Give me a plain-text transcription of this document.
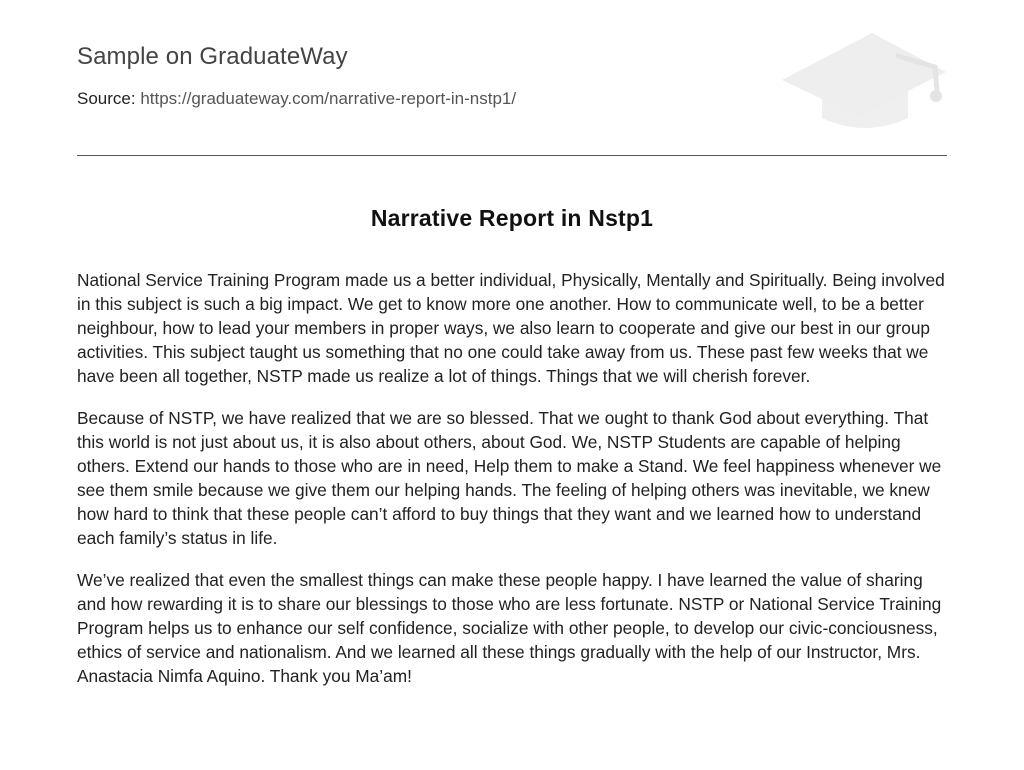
Sample on GraduateWay
Source: https://graduateway.com/narrative-report-in-nstp1/
Narrative Report in Nstp1

National Service Training Program made us a better individual, Physically, Mentally and Spiritually. Being involved in this subject is such a big impact. We get to know more one another. How to communicate well, to be a better neighbour, how to lead your members in proper ways, we also learn to cooperate and give our best in our group activities. This subject taught us something that no one could take away from us. These past few weeks that we have been all together, NSTP made us realize a lot of things. Things that we will cherish forever.

Because of NSTP, we have realized that we are so blessed. That we ought to thank God about everything. That this world is not just about us, it is also about others, about God. We, NSTP Students are capable of helping others. Extend our hands to those who are in need, Help them to make a Stand. We feel happiness whenever we see them smile because we give them our helping hands. The feeling of helping others was inevitable, we knew how hard to think that these people can’t afford to buy things that they want and we learned how to understand each family’s status in life.

We’ve realized that even the smallest things can make these people happy. I have learned the value of sharing and how rewarding it is to share our blessings to those who are less fortunate. NSTP or National Service Training Program helps us to enhance our self confidence, socialize with other people, to develop our civic-conciousness, ethics of service and nationalism. And we learned all these things gradually with the help of our Instructor, Mrs. Anastacia Nimfa Aquino. Thank you Ma’am!
